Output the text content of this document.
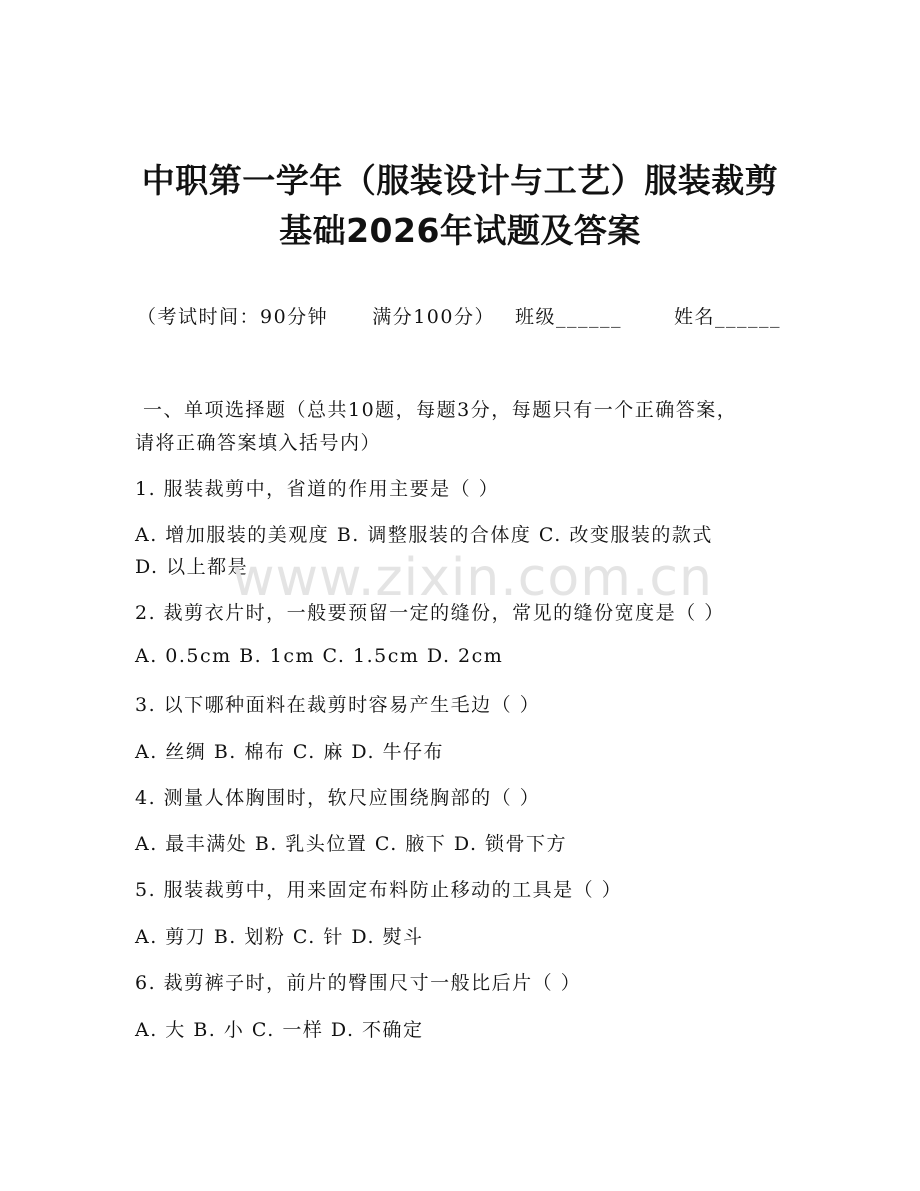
中职第一学年（服装设计与工艺）服装裁剪
基础2026年试题及答案
（考试时间：90分钟 满分100分） 班级______	姓名______
一、单项选择题（总共10题，每题3分，每题只有一个正确答案，
请将正确答案填入括号内）
1. 服装裁剪中，省道的作用主要是（ ）
A. 增加服装的美观度 B. 调整服装的合体度 C. 改变服装的款式
D. 以上都是
2. 裁剪衣片时，一般要预留一定的缝份，常见的缝份宽度是（ ）
A. 0.5cm B. 1cm C. 1.5cm D. 2cm
3. 以下哪种面料在裁剪时容易产生毛边（ ）
A. 丝绸 B. 棉布 C. 麻 D. 牛仔布
4. 测量人体胸围时，软尺应围绕胸部的（ ）
A. 最丰满处 B. 乳头位置 C. 腋下 D. 锁骨下方
5. 服装裁剪中，用来固定布料防止移动的工具是（ ）
A. 剪刀 B. 划粉 C. 针 D. 熨斗
6. 裁剪裤子时，前片的臀围尺寸一般比后片（ ）
A. 大 B. 小 C. 一样 D. 不确定
www.zixin.com.cn
